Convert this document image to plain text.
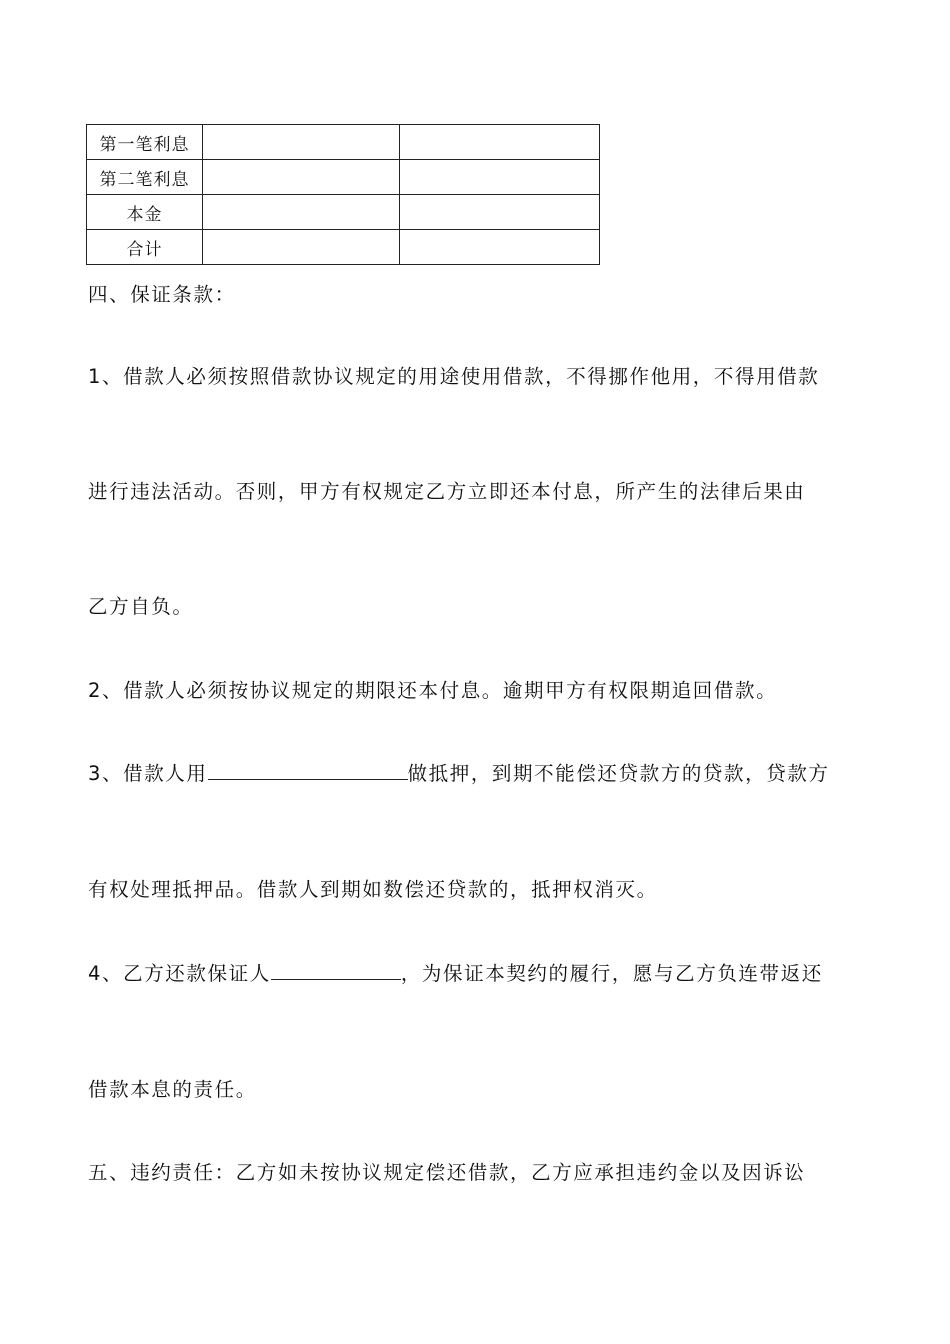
第一笔利息		
第二笔利息		
本金		
合计		
四、保证条款：
1、借款人必须按照借款协议规定的用途使用借款，不得挪作他用，不得用借款
进行违法活动。否则，甲方有权规定乙方立即还本付息，所产生的法律后果由
乙方自负。
2、借款人必须按协议规定的期限还本付息。逾期甲方有权限期追回借款。
3、借款人用	做抵押，到期不能偿还贷款方的贷款，贷款方
有权处理抵押品。借款人到期如数偿还贷款的，抵押权消灭。
4、乙方还款保证人	，为保证本契约的履行，愿与乙方负连带返还
借款本息的责任。
五、违约责任：乙方如未按协议规定偿还借款，乙方应承担违约金以及因诉讼
